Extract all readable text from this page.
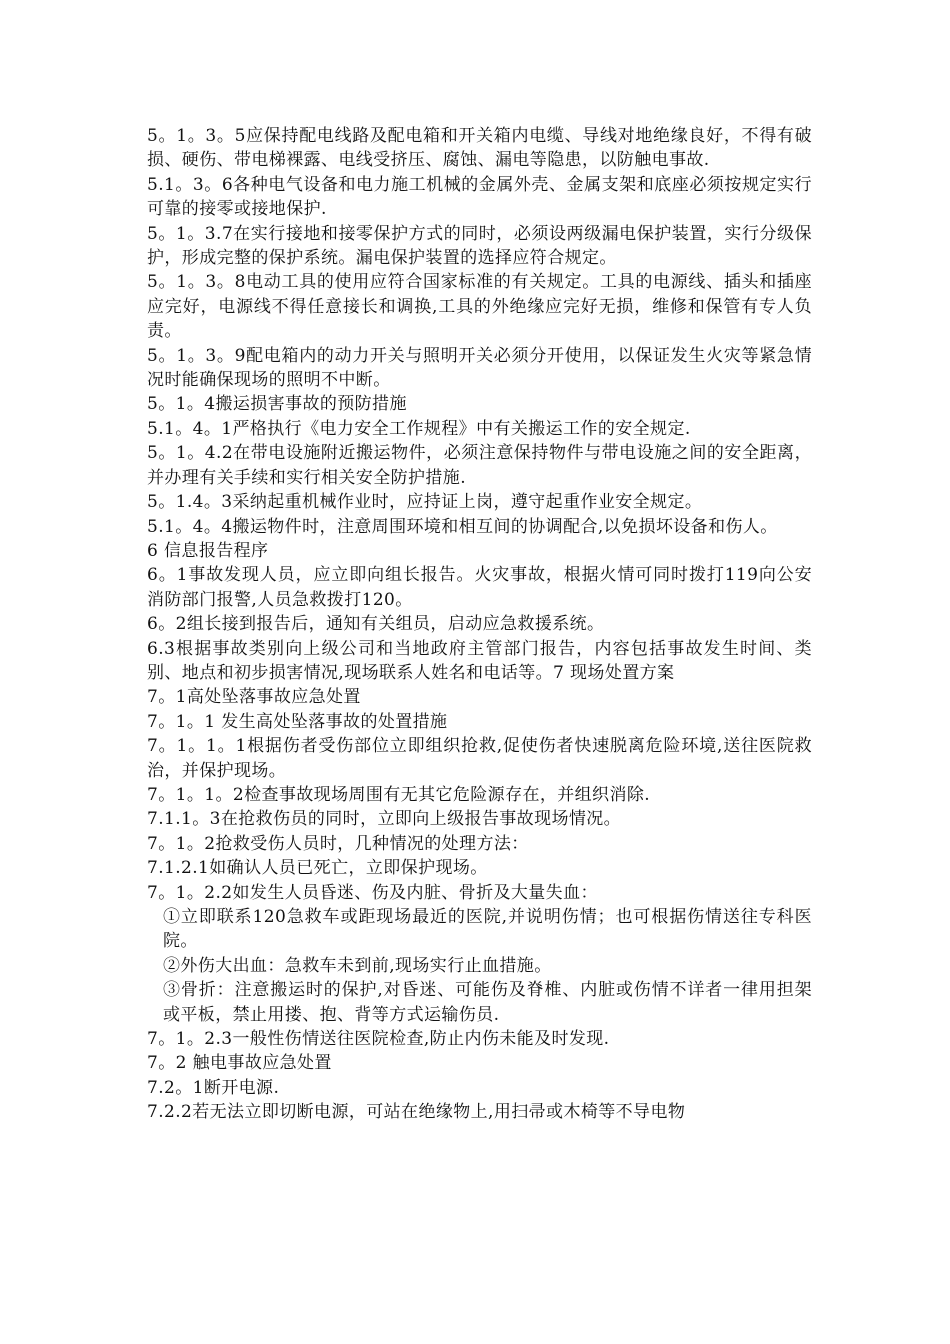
5。1。3。5应保持配电线路及配电箱和开关箱内电缆、导线对地绝缘良好，不得有破损、硬伤、带电梯裸露、电线受挤压、腐蚀、漏电等隐患，以防触电事故.

5.1。3。6各种电气设备和电力施工机械的金属外壳、金属支架和底座必须按规定实行可靠的接零或接地保护.

5。1。3.7在实行接地和接零保护方式的同时，必须设两级漏电保护装置，实行分级保护，形成完整的保护系统。漏电保护装置的选择应符合规定。

5。1。3。8电动工具的使用应符合国家标准的有关规定。工具的电源线、插头和插座应完好，电源线不得任意接长和调换,工具的外绝缘应完好无损，维修和保管有专人负责。

5。1。3。9配电箱内的动力开关与照明开关必须分开使用，以保证发生火灾等紧急情况时能确保现场的照明不中断。

5。1。4搬运损害事故的预防措施

5.1。4。1严格执行《电力安全工作规程》中有关搬运工作的安全规定.

5。1。4.2在带电设施附近搬运物件，必须注意保持物件与带电设施之间的安全距离，并办理有关手续和实行相关安全防护措施.

5。1.4。3采纳起重机械作业时，应持证上岗，遵守起重作业安全规定。

5.1。4。4搬运物件时，注意周围环境和相互间的协调配合,以免损坏设备和伤人。

6 信息报告程序

6。1事故发现人员，应立即向组长报告。火灾事故，根据火情可同时拨打119向公安消防部门报警,人员急救拨打120。

6。2组长接到报告后，通知有关组员，启动应急救援系统。

6.3根据事故类别向上级公司和当地政府主管部门报告，内容包括事故发生时间、类别、地点和初步损害情况,现场联系人姓名和电话等。7 现场处置方案

7。1高处坠落事故应急处置

7。1。1 发生高处坠落事故的处置措施

7。1。1。1根据伤者受伤部位立即组织抢救,促使伤者快速脱离危险环境,送往医院救治，并保护现场。

7。1。1。2检查事故现场周围有无其它危险源存在，并组织消除.

7.1.1。3在抢救伤员的同时，立即向上级报告事故现场情况。

7。1。2抢救受伤人员时，几种情况的处理方法：

7.1.2.1如确认人员已死亡，立即保护现场。

7。1。2.2如发生人员昏迷、伤及内脏、骨折及大量失血：

①立即联系120急救车或距现场最近的医院,并说明伤情；也可根据伤情送往专科医院。

②外伤大出血：急救车未到前,现场实行止血措施。

③骨折：注意搬运时的保护,对昏迷、可能伤及脊椎、内脏或伤情不详者一律用担架或平板，禁止用搂、抱、背等方式运输伤员.

7。1。2.3一般性伤情送往医院检查,防止内伤未能及时发现.

7。2 触电事故应急处置

7.2。1断开电源.

7.2.2若无法立即切断电源，可站在绝缘物上,用扫帚或木椅等不导电物
